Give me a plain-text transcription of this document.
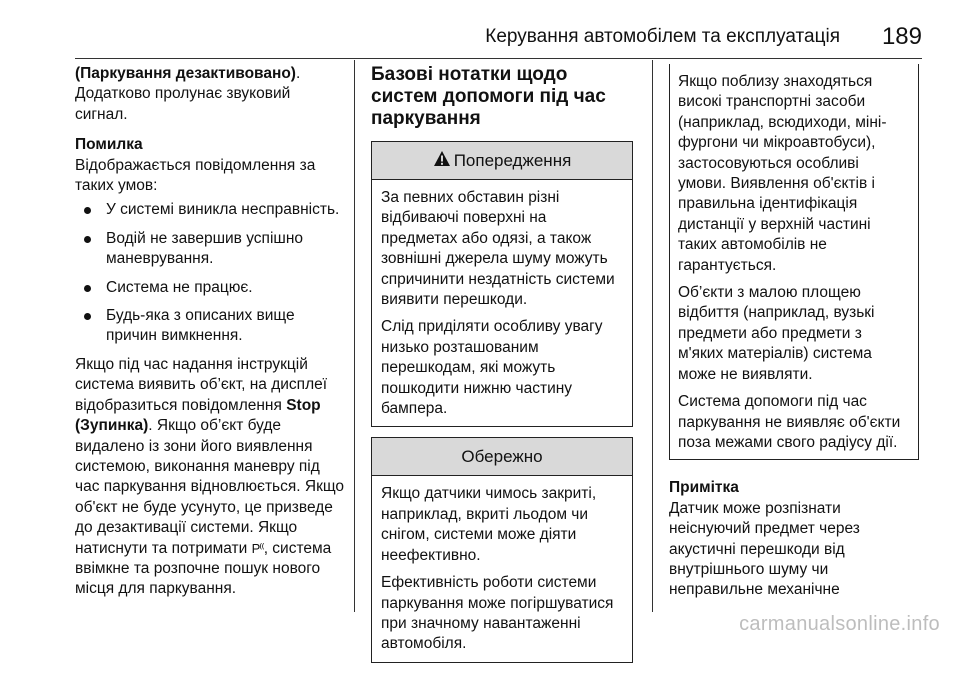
Керування автомобілем та експлуатація 189

(Паркування дезактивовано). Додатково пролунає звуковий сигнал.

Помилка

Відображається повідомлення за таких умов:

У системі виникла несправність.
Водій не завершив успішно маневрування.
Система не працює.
Будь-яка з описаних вище причин вимкнення.

Якщо під час надання інструкцій система виявить об’єкт, на дисплеї відобразиться повідомлення Stop (Зупинка). Якщо об’єкт буде видалено із зони його виявлення системою, виконання маневру під час паркування відновлюється. Якщо об'єкт не буде усунуто, це призведе до дезактивації системи. Якщо натиснути та потримати P⁽⁽, система ввімкне та розпочне пошук нового місця для паркування.

Базові нотатки щодо систем допомоги під час паркування

Попередження

За певних обставин різні відбиваючі поверхні на предметах або одязі, а також зовнішні джерела шуму можуть спричинити нездатність системи виявити перешкоди.

Слід приділяти особливу увагу низько розташованим перешкодам, які можуть пошкодити нижню частину бампера.

Обережно

Якщо датчики чимось закриті, наприклад, вкриті льодом чи снігом, системи може діяти неефективно.

Ефективність роботи системи паркування може погіршуватися при значному навантаженні автомобіля.

Якщо поблизу знаходяться високі транспортні засоби (наприклад, всюдиходи, міні-фургони чи мікроавтобуси), застосовуються особливі умови. Виявлення об'єктів і правильна ідентифікація дистанції у верхній частині таких автомобілів не гарантується.

Об’єкти з малою площею відбиття (наприклад, вузькі предмети або предмети з м'яких матеріалів) система може не виявляти.

Система допомоги під час паркування не виявляє об'єкти поза межами свого радіусу дії.

Примітка

Датчик може розпізнати неіснуючий предмет через акустичні перешкоди від внутрішнього шуму чи неправильне механічне

carmanualsonline.info
